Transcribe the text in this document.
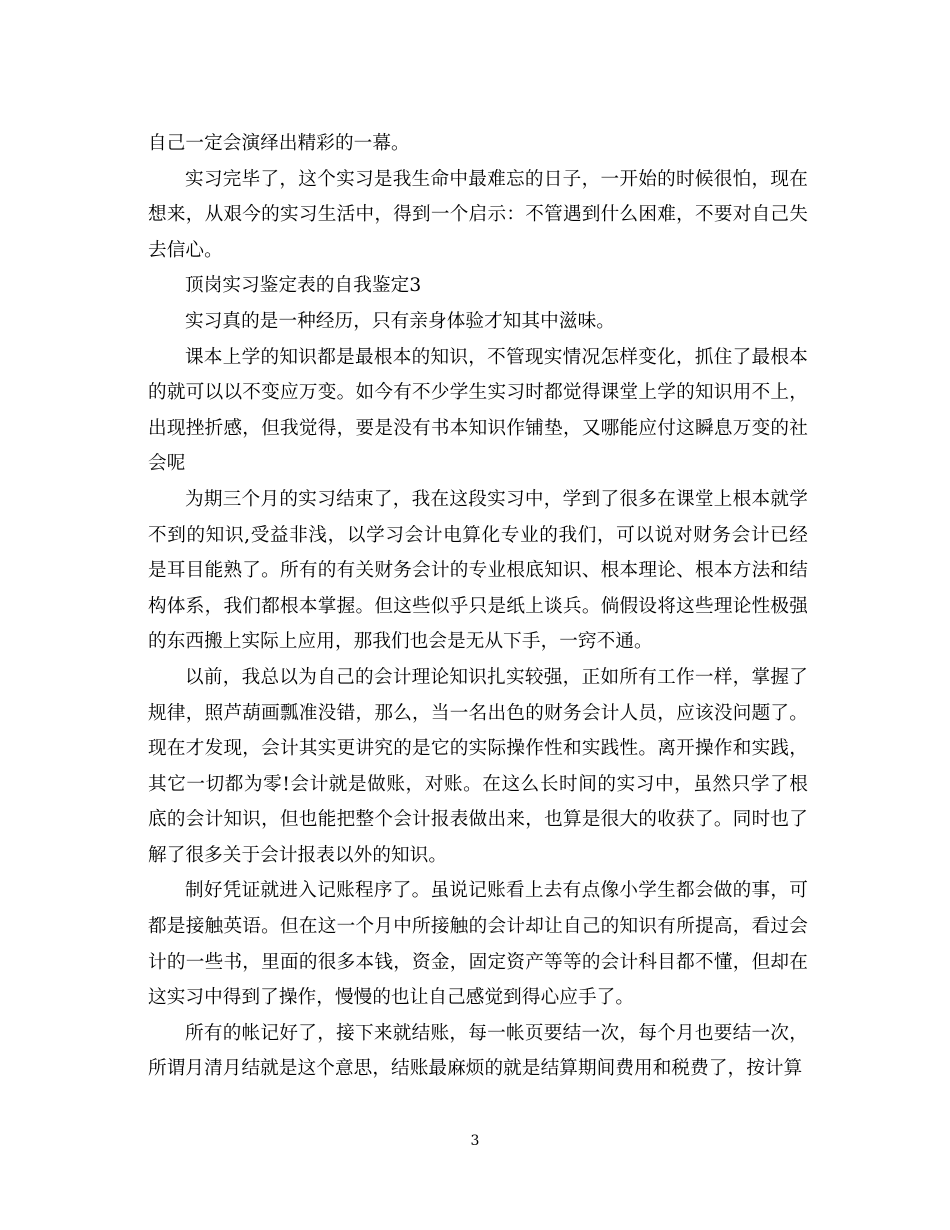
自己一定会演绎出精彩的一幕。

实习完毕了，这个实习是我生命中最难忘的日子，一开始的时候很怕，现在想来，从艰今的实习生活中，得到一个启示：不管遇到什么困难，不要对自己失去信心。

顶岗实习鉴定表的自我鉴定3

实习真的是一种经历，只有亲身体验才知其中滋味。

课本上学的知识都是最根本的知识，不管现实情况怎样变化，抓住了最根本的就可以以不变应万变。如今有不少学生实习时都觉得课堂上学的知识用不上，出现挫折感，但我觉得，要是没有书本知识作铺垫，又哪能应付这瞬息万变的社会呢

为期三个月的实习结束了，我在这段实习中，学到了很多在课堂上根本就学不到的知识,受益非浅，以学习会计电算化专业的我们，可以说对财务会计已经是耳目能熟了。所有的有关财务会计的专业根底知识、根本理论、根本方法和结构体系，我们都根本掌握。但这些似乎只是纸上谈兵。倘假设将这些理论性极强的东西搬上实际上应用，那我们也会是无从下手，一窍不通。

以前，我总以为自己的会计理论知识扎实较强，正如所有工作一样，掌握了规律，照芦葫画瓢准没错，那么，当一名出色的财务会计人员，应该没问题了。现在才发现，会计其实更讲究的是它的实际操作性和实践性。离开操作和实践，其它一切都为零!会计就是做账，对账。在这么长时间的实习中，虽然只学了根底的会计知识，但也能把整个会计报表做出来，也算是很大的收获了。同时也了解了很多关于会计报表以外的知识。

制好凭证就进入记账程序了。虽说记账看上去有点像小学生都会做的事，可都是接触英语。但在这一个月中所接触的会计却让自己的知识有所提高，看过会计的一些书，里面的很多本钱，资金，固定资产等等的会计科目都不懂，但却在这实习中得到了操作，慢慢的也让自己感觉到得心应手了。

所有的帐记好了，接下来就结账，每一帐页要结一次，每个月也要结一次，所谓月清月结就是这个意思，结账最麻烦的就是结算期间费用和税费了，按计算

3
